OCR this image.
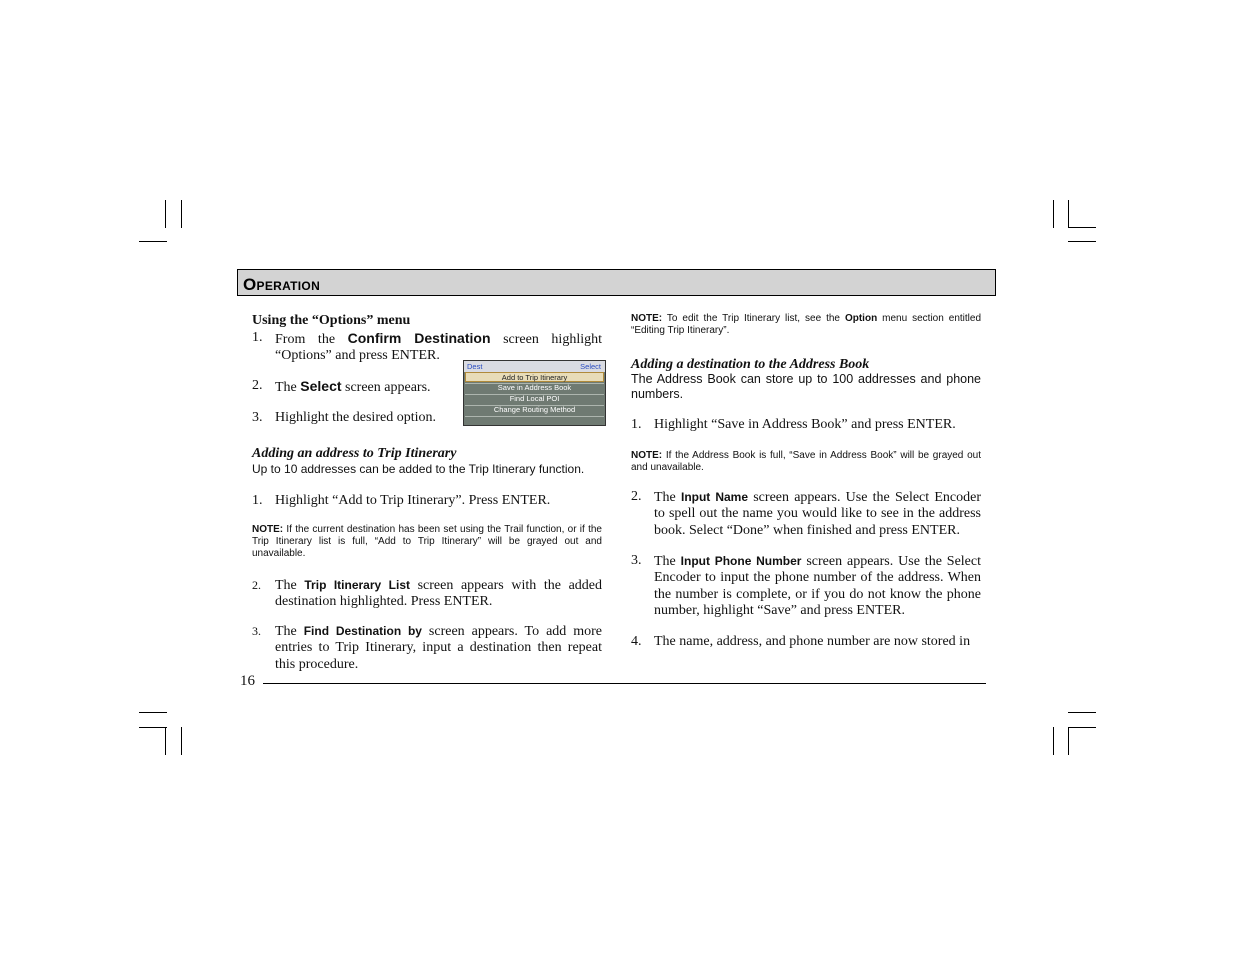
Operation
Using the “Options” menu
1. From the Confirm Destination screen highlight “Options” and press ENTER.
2. The Select screen appears.
3. Highlight the desired option.
Adding an address to Trip Itinerary
Up to 10 addresses can be added to the Trip Itinerary function.
1. Highlight “Add to Trip Itinerary”. Press ENTER.
NOTE: If the current destination has been set using the Trail function, or if the Trip Itinerary list is full, “Add to Trip Itinerary” will be grayed out and unavailable.
2.	The Trip Itinerary List screen appears with the added destination highlighted. Press ENTER.
3.	The Find Destination by screen appears. To add more entries to Trip Itinerary, input a destination then repeat this procedure.
Dest	Select
Add to Trip Itinerary
Save in Address Book
Find Local POI
Change Routing Method
NOTE: To edit the Trip Itinerary list, see the Option menu section entitled “Editing Trip Itinerary”.
Adding a destination to the Address Book
The Address Book can store up to 100 addresses and phone numbers.
1. Highlight “Save in Address Book” and press ENTER.
NOTE: If the Address Book is full, “Save in Address Book” will be grayed out and unavailable.
2. The Input Name screen appears. Use the Select Encoder to spell out the name you would like to see in the address book. Select “Done” when finished and press ENTER.
3. The Input Phone Number screen appears. Use the Select Encoder to input the phone number of the address. When the number is complete, or if you do not know the phone number, highlight “Save” and press ENTER.
4. The name, address, and phone number are now stored in
16
